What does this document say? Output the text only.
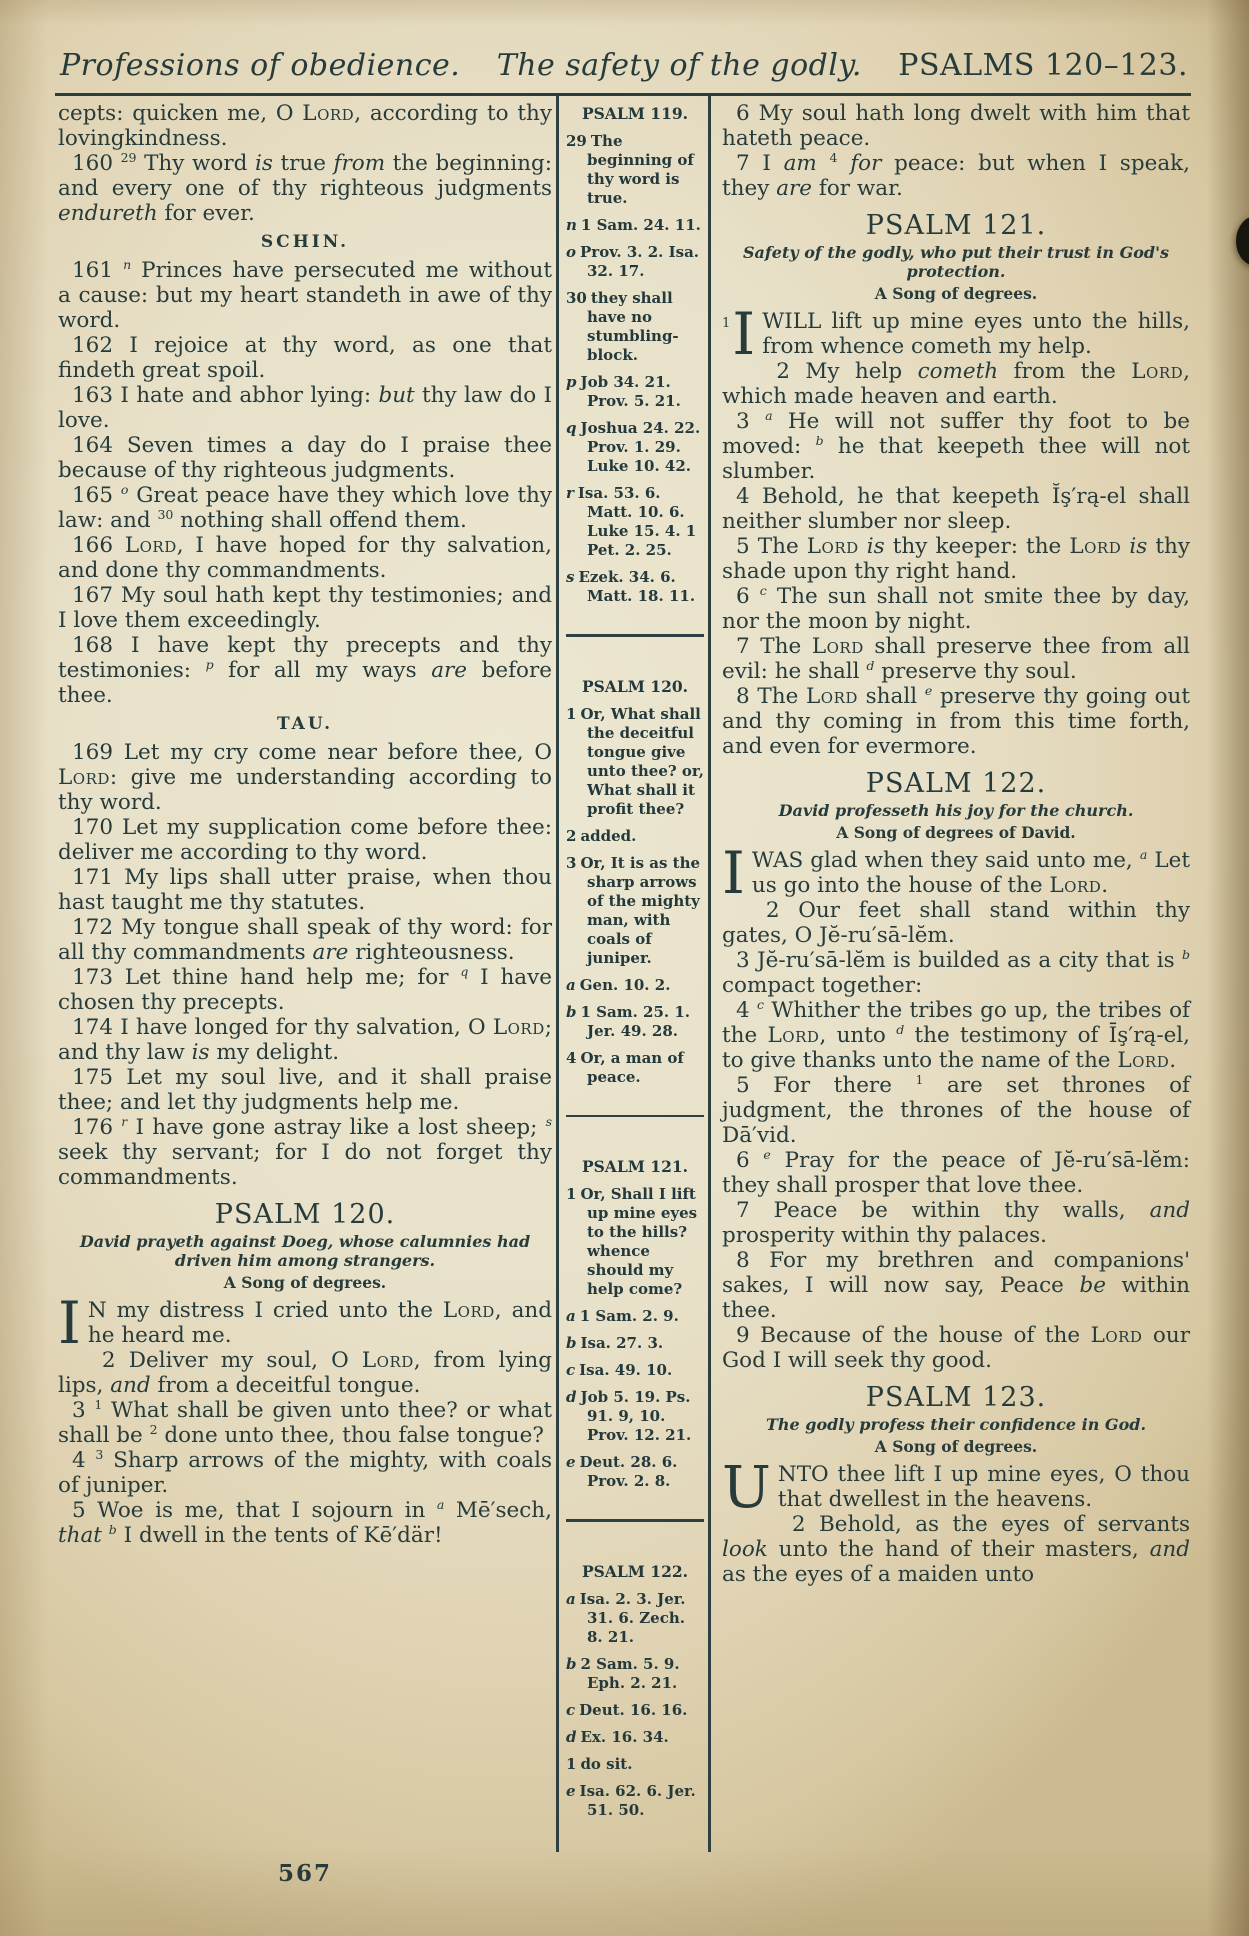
Professions of obedience. The safety of the godly. PSALMS 120–123.
cepts: quicken me, O Lord, according to thy lovingkindness.
160 $^{29}$ Thy word is true from the beginning: and every one of thy righteous judgments endureth for ever.
SCHIN.
161 $^n$ Princes have persecuted me without a cause: but my heart standeth in awe of thy word.
162 I rejoice at thy word, as one that findeth great spoil.
163 I hate and abhor lying: but thy law do I love.
164 Seven times a day do I praise thee because of thy righteous judgments.
165 $^o$ Great peace have they which love thy law: and $^{30}$ nothing shall offend them.
166 Lord, I have hoped for thy salvation, and done thy commandments.
167 My soul hath kept thy testimonies; and I love them exceedingly.
168 I have kept thy precepts and thy testimonies: $^p$ for all my ways are before thee.
TAU.
169 Let my cry come near before thee, O Lord: give me understanding according to thy word.
170 Let my supplication come before thee: deliver me according to thy word.
171 My lips shall utter praise, when thou hast taught me thy statutes.
172 My tongue shall speak of thy word: for all thy commandments are righteousness.
173 Let thine hand help me; for $^q$ I have chosen thy precepts.
174 I have longed for thy salvation, O Lord; and thy law is my delight.
175 Let my soul live, and it shall praise thee; and let thy judgments help me.
176 $^r$ I have gone astray like a lost sheep; $^s$ seek thy servant; for I do not forget thy commandments.
PSALM 120.
David prayeth against Doeg, whose calumnies had driven him among strangers.
A Song of degrees.
I N my distress I cried unto the Lord, and he heard me.
2 Deliver my soul, O Lord, from lying lips, and from a deceitful tongue.
3 $^1$ What shall be given unto thee? or what shall be $^2$ done unto thee, thou false tongue?
4 $^3$ Sharp arrows of the mighty, with coals of juniper.
5 Woe is me, that I sojourn in $^a$ Mē′sech, that $^b$ I dwell in the tents of Kē′där!
PSALM 119.
29 The beginning of thy word is true.
n 1 Sam. 24. 11.
o Prov. 3. 2. Isa. 32. 17.
30 they shall have no stumbling-block.
p Job 34. 21. Prov. 5. 21.
q Joshua 24. 22. Prov. 1. 29. Luke 10. 42.
r Isa. 53. 6. Matt. 10. 6. Luke 15. 4. 1 Pet. 2. 25.
s Ezek. 34. 6. Matt. 18. 11.
PSALM 120.
1 Or, What shall the deceitful tongue give unto thee? or, What shall it profit thee?
2 added.
3 Or, It is as the sharp arrows of the mighty man, with coals of juniper.
a Gen. 10. 2.
b 1 Sam. 25. 1. Jer. 49. 28.
4 Or, a man of peace.
PSALM 121.
1 Or, Shall I lift up mine eyes to the hills? whence should my help come?
a 1 Sam. 2. 9.
b Isa. 27. 3.
c Isa. 49. 10.
d Job 5. 19. Ps. 91. 9, 10. Prov. 12. 21.
e Deut. 28. 6. Prov. 2. 8.
PSALM 122.
a Isa. 2. 3. Jer. 31. 6. Zech. 8. 21.
b 2 Sam. 5. 9. Eph. 2. 21.
c Deut. 16. 16.
d Ex. 16. 34.
1 do sit.
e Isa. 62. 6. Jer. 51. 50.
6 My soul hath long dwelt with him that hateth peace.
7 I am $^4$ for peace: but when I speak, they are for war.
PSALM 121.
Safety of the godly, who put their trust in God's protection.
A Song of degrees.
$^1$I WILL lift up mine eyes unto the hills, from whence cometh my help.
2 My help cometh from the Lord, which made heaven and earth.
3 $^a$ He will not suffer thy foot to be moved: $^b$ he that keepeth thee will not slumber.
4 Behold, he that keepeth Ĭş′rą-el shall neither slumber nor sleep.
5 The Lord is thy keeper: the Lord is thy shade upon thy right hand.
6 $^c$ The sun shall not smite thee by day, nor the moon by night.
7 The Lord shall preserve thee from all evil: he shall $^d$ preserve thy soul.
8 The Lord shall $^e$ preserve thy going out and thy coming in from this time forth, and even for evermore.
PSALM 122.
David professeth his joy for the church.
A Song of degrees of David.
IWAS glad when they said unto me, $^a$ Let us go into the house of the Lord.
2 Our feet shall stand within thy gates, O Jĕ-ru′sā-lĕm.
3 Jĕ-ru′sā-lĕm is builded as a city that is $^b$ compact together:
4 $^c$ Whither the tribes go up, the tribes of the Lord, unto $^d$ the testimony of Īş′rą-el, to give thanks unto the name of the Lord.
5 For there $^1$ are set thrones of judgment, the thrones of the house of Dā′vid.
6 $^e$ Pray for the peace of Jĕ-ru′sā-lĕm: they shall prosper that love thee.
7 Peace be within thy walls, and prosperity within thy palaces.
8 For my brethren and companions' sakes, I will now say, Peace be within thee.
9 Because of the house of the Lord our God I will seek thy good.
PSALM 123.
The godly profess their confidence in God.
A Song of degrees.
UNTO thee lift I up mine eyes, O thou that dwellest in the heavens.
2 Behold, as the eyes of servants look unto the hand of their masters, and as the eyes of a maiden unto
567
